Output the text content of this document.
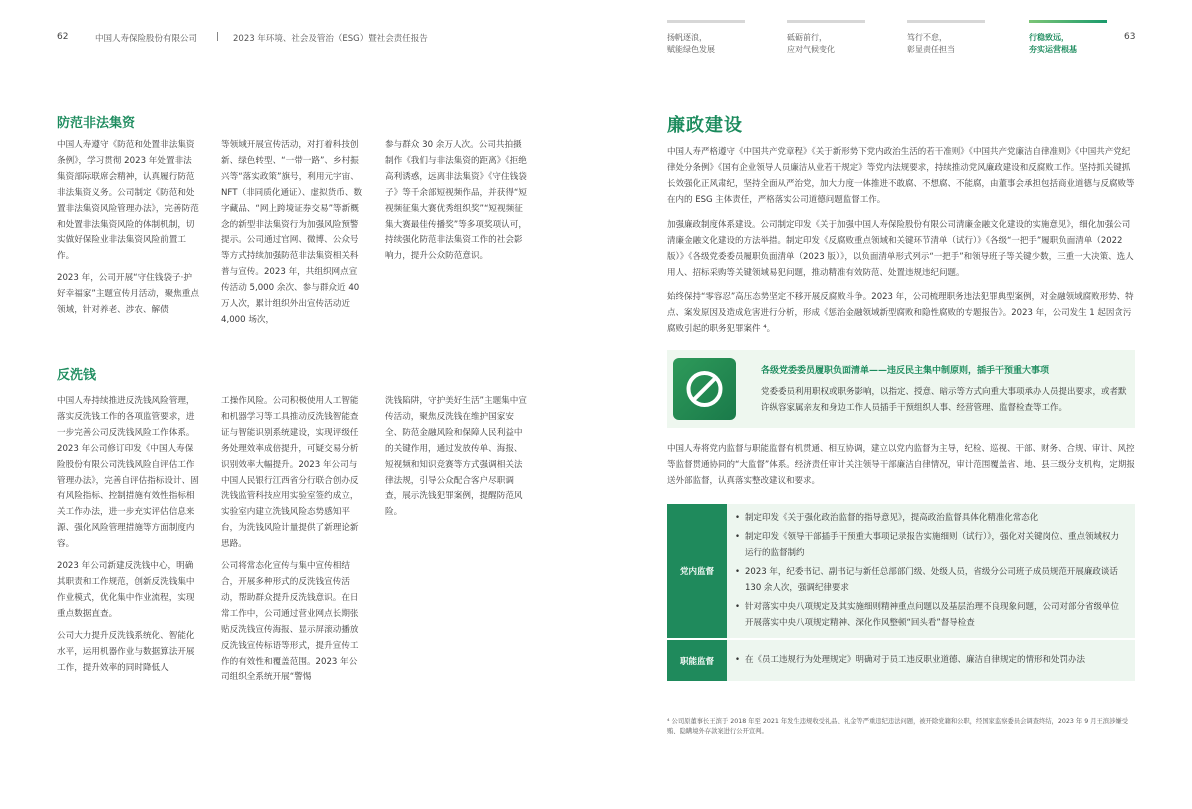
62	中国人寿保险股份有限公司 | 2023 年环境、社会及管治（ESG）暨社会责任报告	扬帆逐浪，
赋能绿色发展
砥砺前行，
应对气候变化
笃行不怠，
彰显责任担当
行稳致远，
夯实运营根基
63
防范非法集资

中国人寿遵守《防范和处置非法集资条例》，学习贯彻 2023 年处置非法集资部际联席会精神，认真履行防范非法集资义务。公司制定《防范和处置非法集资风险管理办法》，完善防范和处置非法集资风险的体制机制，切实做好保险业非法集资风险前置工作。

2023 年，公司开展“守住钱袋子·护好幸福家”主题宣传月活动，聚焦重点领域，针对养老、涉农、解债

等领域开展宣传活动，对打着科技创新、绿色转型、“一带一路”、乡村振兴等“落实政策”旗号，利用元宇宙、NFT（非同质化通证）、虚拟货币、数字藏品、“网上跨境证券交易”等新概念的新型非法集资行为加强风险预警提示。公司通过官网、微博、公众号等方式持续加强防范非法集资相关科普与宣传。2023 年，共组织网点宣传活动 5,000 余次、参与群众近 40 万人次，累计组织外出宣传活动近 4,000 场次，

参与群众 30 余万人次。公司共拍摄制作《我们与非法集资的距离》《拒绝高利诱惑，远离非法集资》《守住钱袋子》等千余部短视频作品，并获得“短视频征集大赛优秀组织奖”“短视频征集大赛最佳传播奖”等多项奖项认可，持续强化防范非法集资工作的社会影响力，提升公众防范意识。

反洗钱

中国人寿持续推进反洗钱风险管理，落实反洗钱工作的各项监管要求，进一步完善公司反洗钱风险工作体系。2023 年公司修订印发《中国人寿保险股份有限公司洗钱风险自评估工作管理办法》，完善自评估指标设计、固有风险指标、控制措施有效性指标相关工作办法，进一步充实评估信息来源、强化风险管理措施等方面制度内容。

2023 年公司新建反洗钱中心，明确其职责和工作规范，创新反洗钱集中作业模式，优化集中作业流程，实现重点数据直查。

公司大力提升反洗钱系统化、智能化水平，运用机器作业与数据算法开展工作，提升效率的同时降低人

工操作风险。公司积极使用人工智能和机器学习等工具推动反洗钱智能查证与智能识别系统建设，实现评级任务处理效率成倍提升，可疑交易分析识别效率大幅提升。2023 年公司与中国人民银行江西省分行联合创办反洗钱监管科技应用实验室签约成立，实验室内建立洗钱风险态势感知平台，为洗钱风险计量提供了新理论新思路。

公司将常态化宣传与集中宣传相结合，开展多种形式的反洗钱宣传活动，帮助群众提升反洗钱意识。在日常工作中，公司通过营业网点长期张贴反洗钱宣传海报、显示屏滚动播放反洗钱宣传标语等形式，提升宣传工作的有效性和覆盖范围。2023 年公司组织全系统开展“警惕

洗钱陷阱，守护美好生活”主题集中宣传活动，聚焦反洗钱在维护国家安全、防范金融风险和保障人民利益中的关键作用，通过发放传单、海报、短视频和知识竞赛等方式强调相关法律法规，引导公众配合客户尽职调查，展示洗钱犯罪案例，提醒防范风险。

廉政建设
中国人寿严格遵守《中国共产党章程》《关于新形势下党内政治生活的若干准则》《中国共产党廉洁自律准则》《中国共产党纪律处分条例》《国有企业领导人员廉洁从业若干规定》等党内法规要求，持续推动党风廉政建设和反腐败工作。坚持抓关键抓长效强化正风肃纪，坚持全面从严治党，加大力度一体推进不敢腐、不想腐、不能腐，由董事会承担包括商业道德与反腐败等在内的 ESG 主体责任，严格落实公司道德问题监督工作。
加强廉政制度体系建设。公司制定印发《关于加强中国人寿保险股份有限公司清廉金融文化建设的实施意见》，细化加强公司清廉金融文化建设的方法举措。制定印发《反腐败重点领域和关键环节清单（试行）》《各级“一把手”履职负面清单（2022 版）》《各级党委委员履职负面清单（2023 版）》，以负面清单形式列示“一把手”和领导班子等关键少数，三重一大决策、选人用人、招标采购等关键领域易犯问题，推动精准有效防范、处置违规违纪问题。
始终保持“零容忍”高压态势坚定不移开展反腐败斗争。2023 年，公司梳理职务违法犯罪典型案例，对金融领域腐败形势、特点、案发原因及造成危害进行分析，形成《惩治金融领域新型腐败和隐性腐败的专题报告》。2023 年，公司发生 1 起因贪污腐败引起的职务犯罪案件 ⁴。
各级党委委员履职负面清单——违反民主集中制原则，插手干预重大事项
党委委员利用职权或职务影响，以指定、授意、暗示等方式向重大事项承办人员提出要求，或者默许纵容家属亲友和身边工作人员插手干预组织人事、经营管理、监督检查等工作。
中国人寿将党内监督与职能监督有机贯通、相互协调，建立以党内监督为主导，纪检、巡视、干部、财务、合规、审计、风控等监督贯通协同的“大监督”体系。经济责任审计关注领导干部廉洁自律情况，审计范围覆盖省、地、县三级分支机构，定期报送外部监督，认真落实整改建议和要求。
党内监督
• 制定印发《关于强化政治监督的指导意见》，提高政治监督具体化精准化常态化
• 制定印发《领导干部插手干预重大事项记录报告实施细则（试行）》，强化对关键岗位、重点领域权力运行的监督制约
• 2023 年，纪委书记、副书记与新任总部部门级、处级人员，省级分公司班子成员规范开展廉政谈话 130 余人次，强调纪律要求
• 针对落实中央八项规定及其实施细则精神重点问题以及基层治理不良现象问题，公司对部分省级单位开展落实中央八项规定精神、深化作风整顿“回头看”督导检查
职能监督	• 在《员工违规行为处理规定》明确对于员工违反职业道德、廉洁自律规定的情形和处罚办法
⁴ 公司原董事长王滨于 2018 年至 2021 年发生违规收受礼品、礼金等严重违纪违法问题，被开除党籍和公职，经国家监察委员会调查终结，2023 年 9 月王滨涉嫌受贿、隐瞒境外存款案进行公开宣判。
